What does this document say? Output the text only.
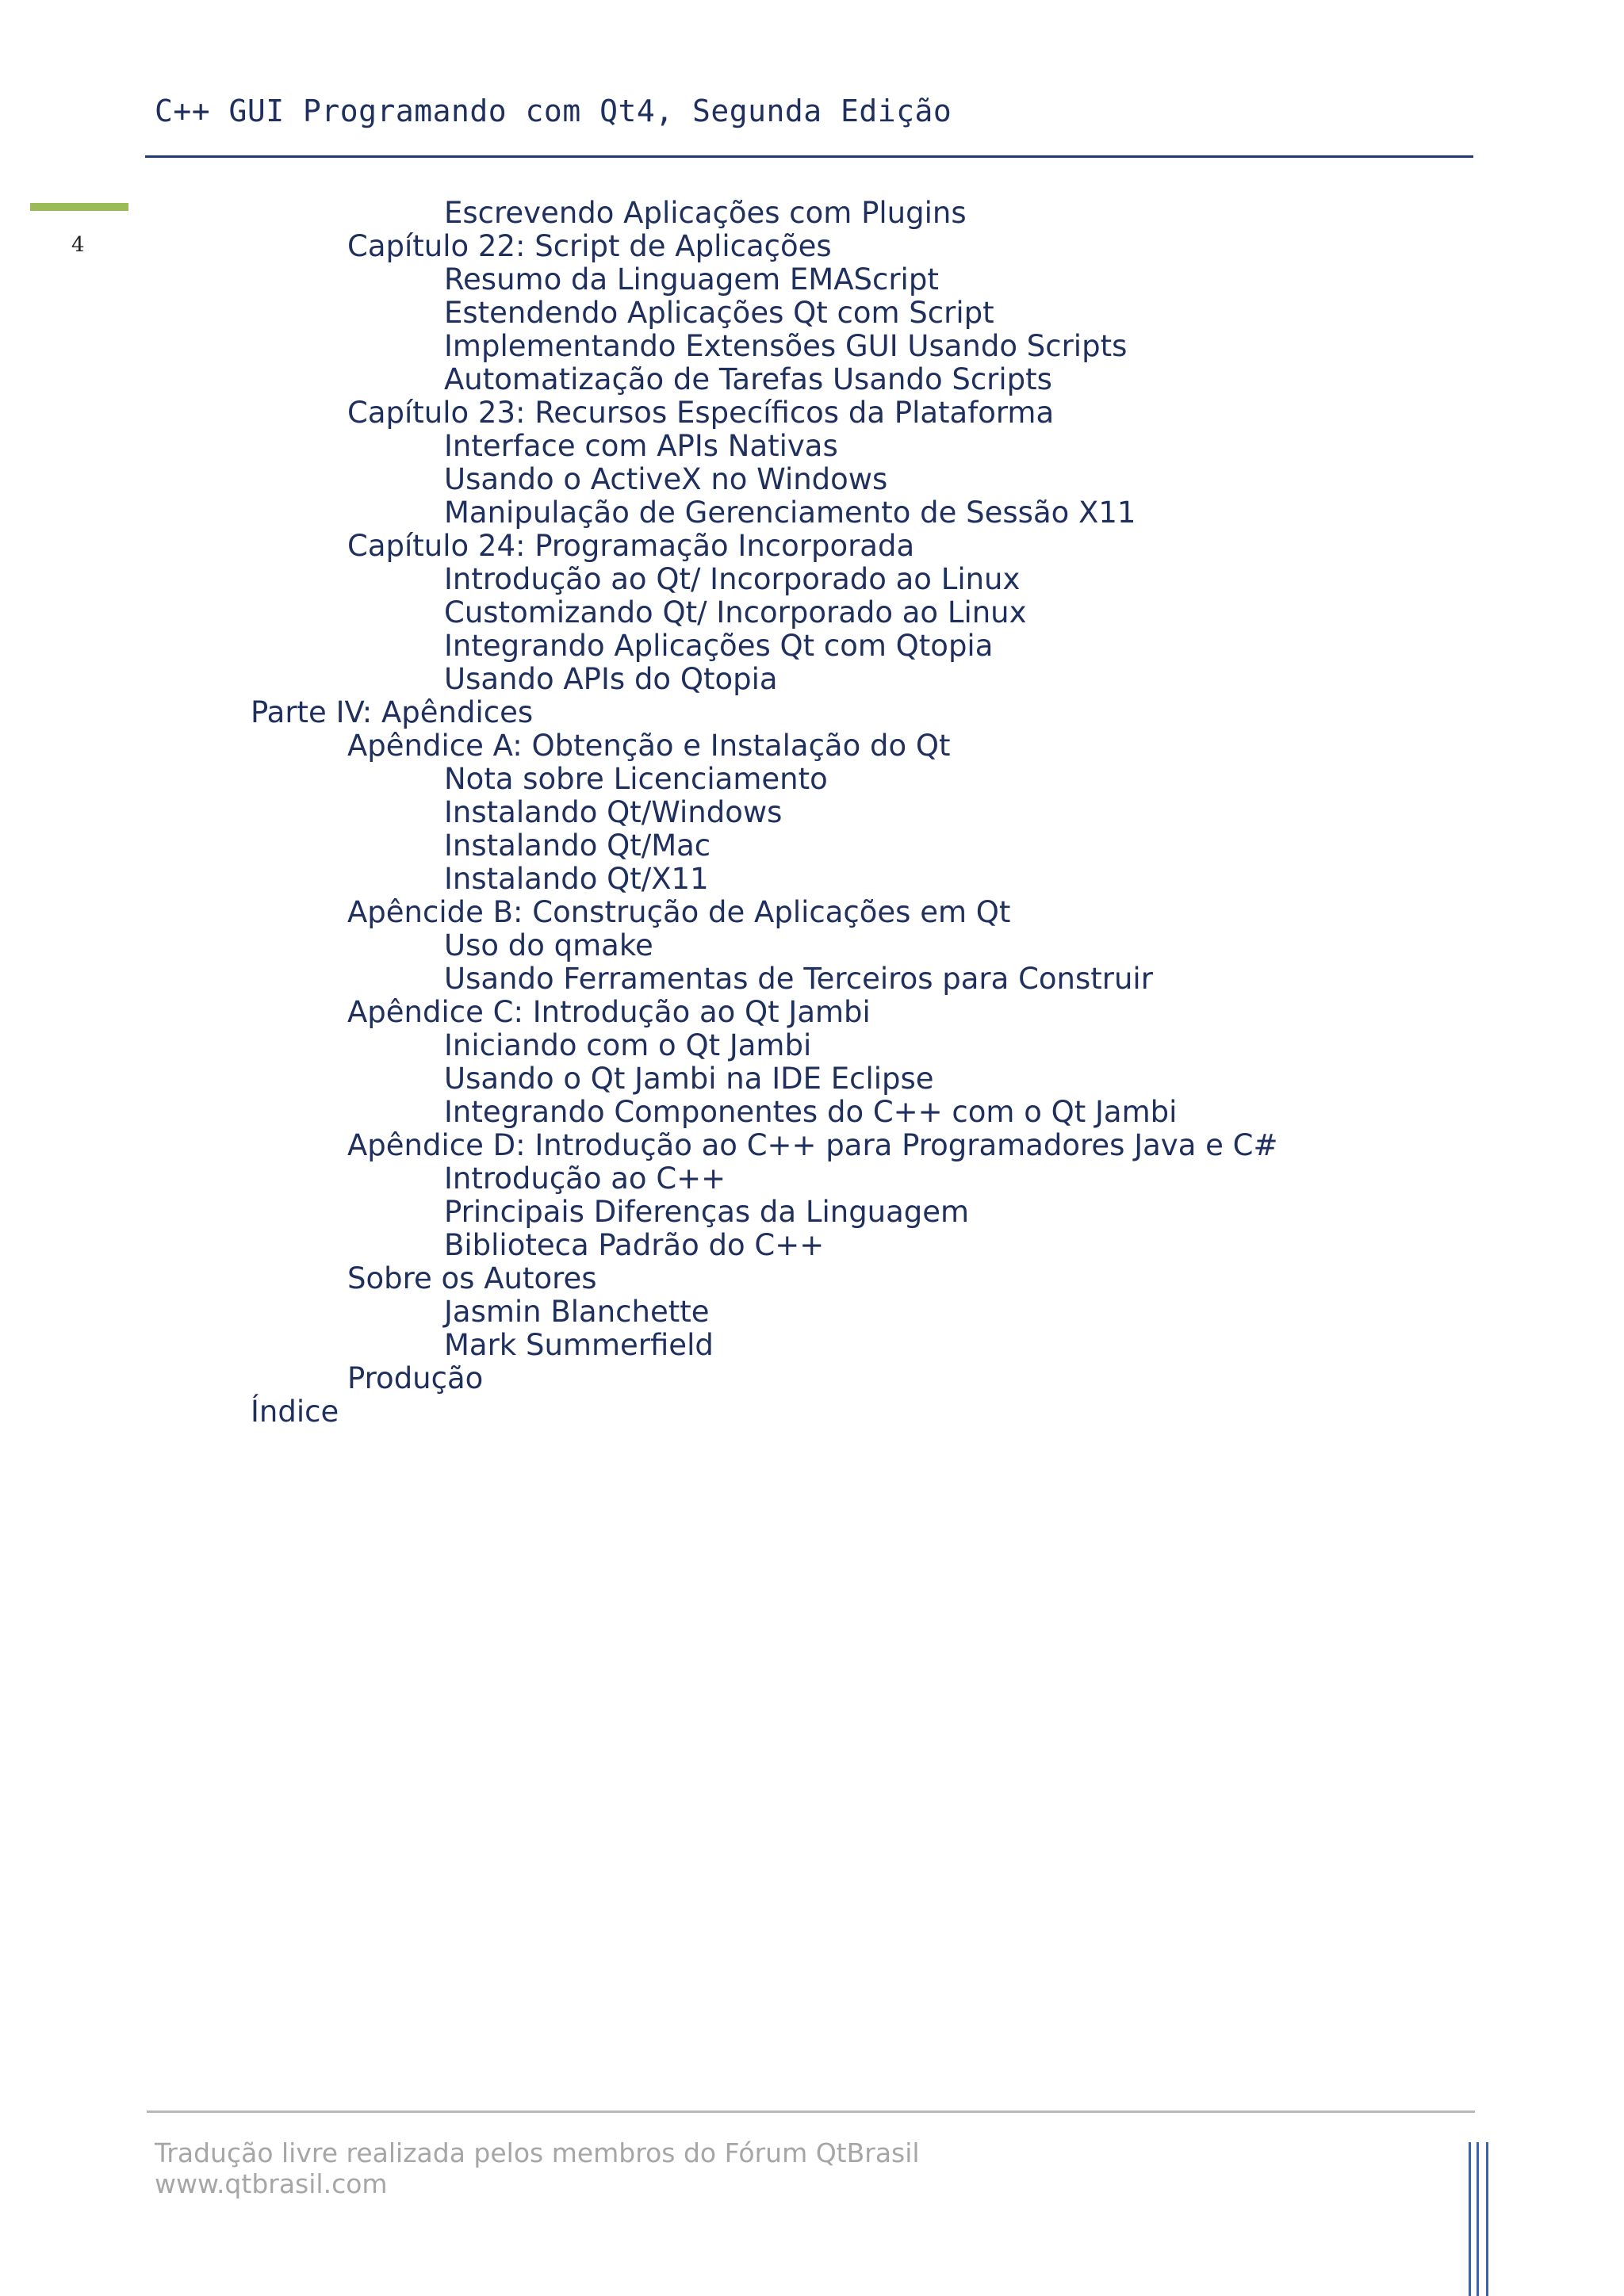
C++ GUI Programando com Qt4, Segunda Edição
4
Escrevendo Aplicações com Plugins
Capítulo 22: Script de Aplicações
Resumo da Linguagem EMAScript
Estendendo Aplicações Qt com Script
Implementando Extensões GUI Usando Scripts
Automatização de Tarefas Usando Scripts
Capítulo 23: Recursos Específicos da Plataforma
Interface com APIs Nativas
Usando o ActiveX no Windows
Manipulação de Gerenciamento de Sessão X11
Capítulo 24: Programação Incorporada
Introdução ao Qt/ Incorporado ao Linux
Customizando Qt/ Incorporado ao Linux
Integrando Aplicações Qt com Qtopia
Usando APIs do Qtopia
Parte IV: Apêndices
Apêndice A: Obtenção e Instalação do Qt
Nota sobre Licenciamento
Instalando Qt/Windows
Instalando Qt/Mac
Instalando Qt/X11
Apêncide B: Construção de Aplicações em Qt
Uso do qmake
Usando Ferramentas de Terceiros para Construir
Apêndice C: Introdução ao Qt Jambi
Iniciando com o Qt Jambi
Usando o Qt Jambi na IDE Eclipse
Integrando Componentes do C++ com o Qt Jambi
Apêndice D: Introdução ao C++ para Programadores Java e C#
Introdução ao C++
Principais Diferenças da Linguagem
Biblioteca Padrão do C++
Sobre os Autores
Jasmin Blanchette
Mark Summerfield
Produção
Índice
Tradução livre realizada pelos membros do Fórum QtBrasil
www.qtbrasil.com
